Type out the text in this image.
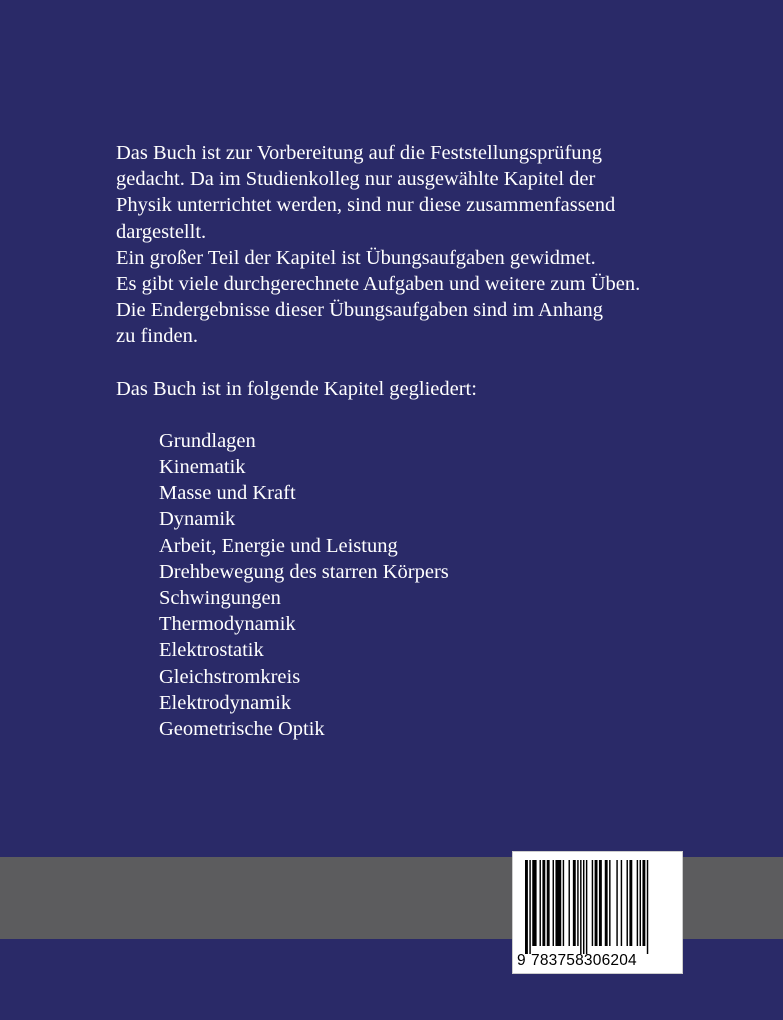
Das Buch ist zur Vorbereitung auf die Feststellungsprüfung

gedacht. Da im Studienkolleg nur ausgewählte Kapitel der

Physik unterrichtet werden, sind nur diese zusammenfassend

dargestellt.

Ein großer Teil der Kapitel ist Übungsaufgaben gewidmet.

Es gibt viele durchgerechnete Aufgaben und weitere zum Üben.

Die Endergebnisse dieser Übungsaufgaben sind im Anhang

zu finden.

Das Buch ist in folgende Kapitel gegliedert:

Grundlagen
Kinematik
Masse und Kraft
Dynamik
Arbeit, Energie und Leistung
Drehbewegung des starren Körpers
Schwingungen
Thermodynamik
Elektrostatik
Gleichstromkreis
Elektrodynamik
Geometrische Optik
9 783758306204
